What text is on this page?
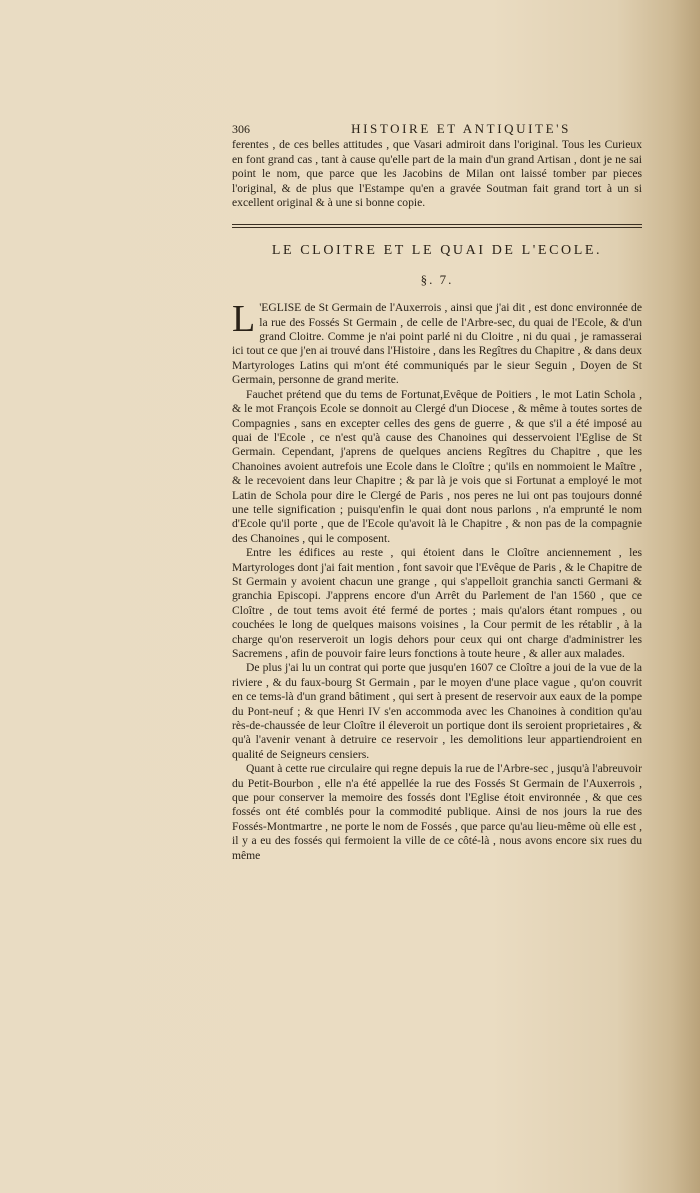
306	HISTOIRE ET ANTIQUITE'S

ferentes , de ces belles attitudes , que Vasari admiroit dans l'original. Tous les Curieux en font grand cas , tant à cause qu'elle part de la main d'un grand Artisan , dont je ne sai point le nom, que parce que les Jacobins de Milan ont laissé tomber par pieces l'original, & de plus que l'Estampe qu'en a gravée Soutman fait grand tort à un si excellent original & à une si bonne copie.

LE CLOITRE ET LE QUAI DE L'ECOLE.

§. 7.

L 'EGLISE de St Germain de l'Auxerrois , ainsi que j'ai dit , est donc environnée de la rue des Fossés St Germain , de celle de l'Arbre-sec, du quai de l'Ecole, & d'un grand Cloitre. Comme je n'ai point parlé ni du Cloitre , ni du quai , je ramasserai ici tout ce que j'en ai trouvé dans l'Histoire , dans les Regîtres du Chapitre , & dans deux Martyrologes Latins qui m'ont été communiqués par le sieur Seguin , Doyen de St Germain, personne de grand merite.

Fauchet prétend que du tems de Fortunat,Evêque de Poitiers , le mot Latin Schola , & le mot François Ecole se donnoit au Clergé d'un Diocese , & même à toutes sortes de Compagnies , sans en excepter celles des gens de guerre , & que s'il a été imposé au quai de l'Ecole , ce n'est qu'à cause des Chanoines qui desservoient l'Eglise de St Germain. Cependant, j'aprens de quelques anciens Regîtres du Chapitre , que les Chanoines avoient autrefois une Ecole dans le Cloître ; qu'ils en nommoient le Maître , & le recevoient dans leur Chapitre ; & par là je vois que si Fortunat a employé le mot Latin de Schola pour dire le Clergé de Paris , nos peres ne lui ont pas toujours donné une telle signification ; puisqu'enfin le quai dont nous parlons , n'a emprunté le nom d'Ecole qu'il porte , que de l'Ecole qu'avoit là le Chapitre , & non pas de la compagnie des Chanoines , qui le composent.

Entre les édifices au reste , qui étoient dans le Cloître anciennement , les Martyrologes dont j'ai fait mention , font savoir que l'Evêque de Paris , & le Chapitre de St Germain y avoient chacun une grange , qui s'appelloit granchia sancti Germani & granchia Episcopi. J'apprens encore d'un Arrêt du Parlement de l'an 1560 , que ce Cloître , de tout tems avoit été fermé de portes ; mais qu'alors étant rompues , ou couchées le long de quelques maisons voisines , la Cour permit de les rétablir , à la charge qu'on reserveroit un logis dehors pour ceux qui ont charge d'administrer les Sacremens , afin de pouvoir faire leurs fonctions à toute heure , & aller aux malades.

De plus j'ai lu un contrat qui porte que jusqu'en 1607 ce Cloître a joui de la vue de la riviere , & du faux-bourg St Germain , par le moyen d'une place vague , qu'on couvrit en ce tems-là d'un grand bâtiment , qui sert à present de reservoir aux eaux de la pompe du Pont-neuf ; & que Henri IV s'en accommoda avec les Chanoines à condition qu'au rès-de-chaussée de leur Cloître il éleveroit un portique dont ils seroient proprietaires , & qu'à l'avenir venant à detruire ce reservoir , les demolitions leur appartiendroient en qualité de Seigneurs censiers.

Quant à cette rue circulaire qui regne depuis la rue de l'Arbre-sec , jusqu'à l'abreuvoir du Petit-Bourbon , elle n'a été appellée la rue des Fossés St Germain de l'Auxerrois , que pour conserver la memoire des fossés dont l'Eglise étoit environnée , & que ces fossés ont été comblés pour la commodité publique. Ainsi de nos jours la rue des Fossés-Montmartre , ne porte le nom de Fossés , que parce qu'au lieu-même où elle est , il y a eu des fossés qui fermoient la ville de ce côté-là , nous avons encore six rues du même
